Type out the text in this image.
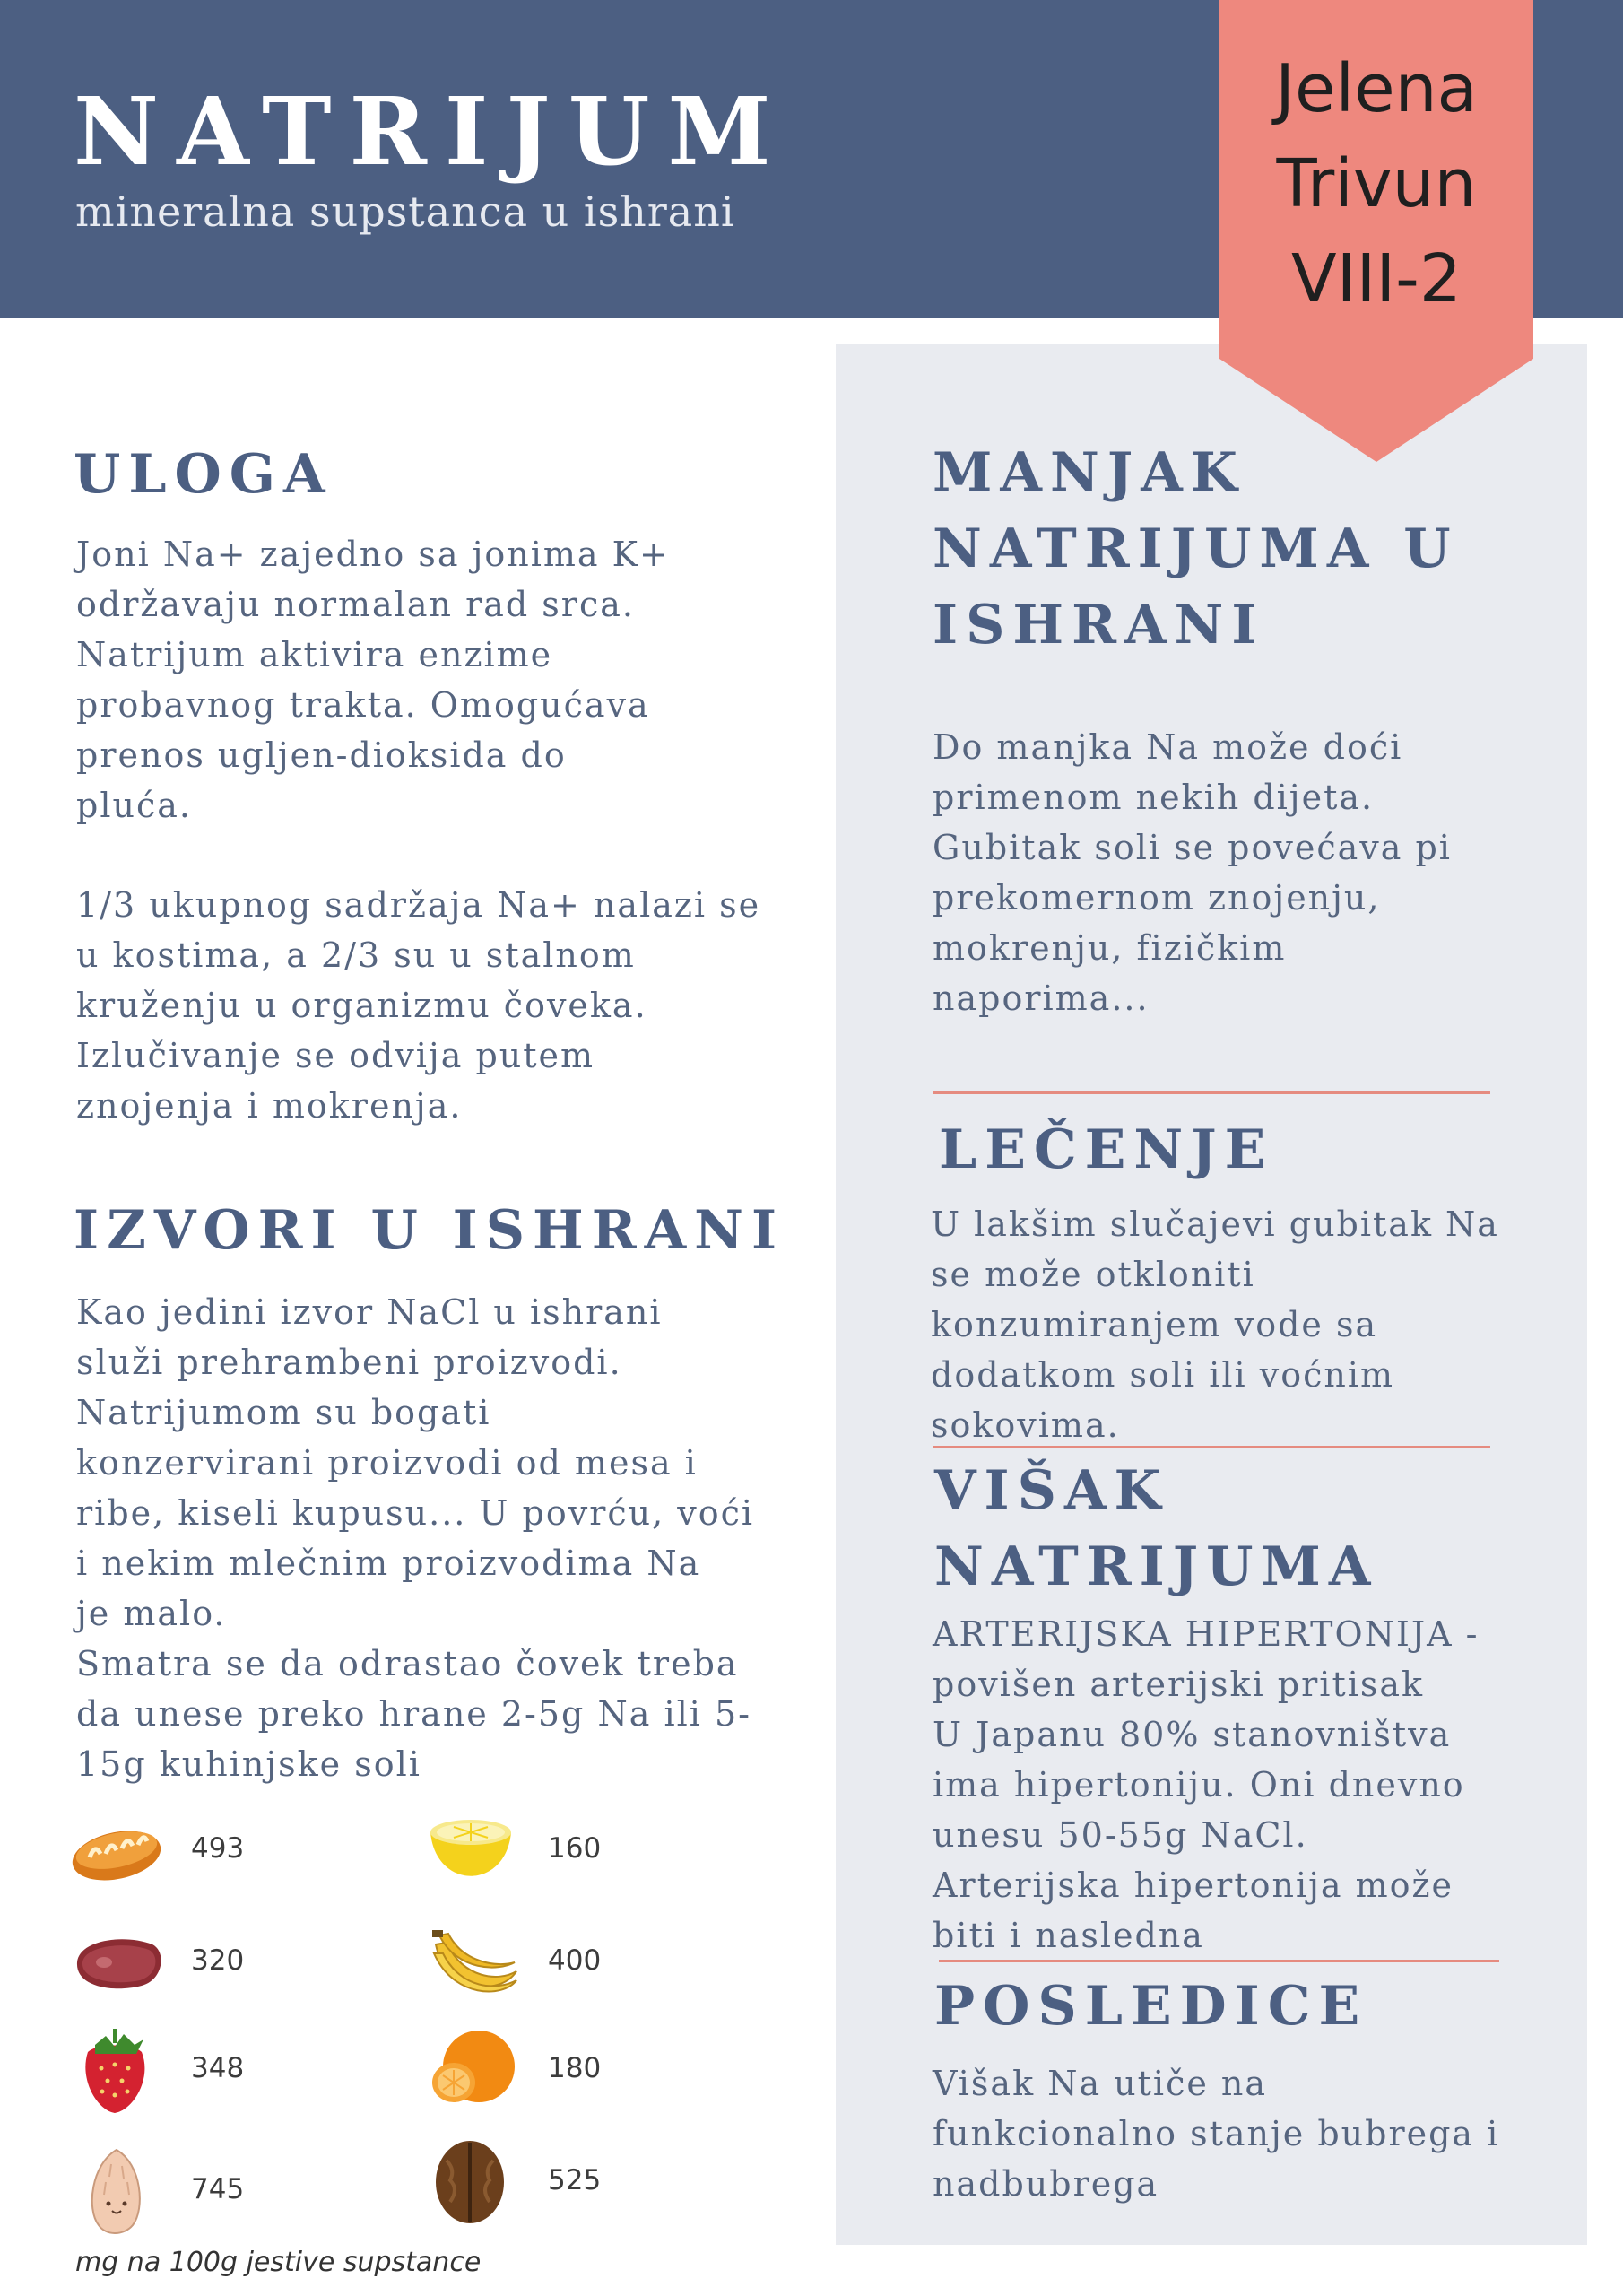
NATRIJUM
mineralna supstanca u ishrani
Jelena
Trivun
VIII-2
ULOGA

Joni Na+ zajedno sa jonima K+
održavaju normalan rad srca.
Natrijum aktivira enzime
probavnog trakta. Omogućava
prenos ugljen-dioksida do
pluća.

1/3 ukupnog sadržaja Na+ nalazi se
u kostima, a 2/3 su u stalnom
kruženju u organizmu čoveka.
Izlučivanje se odvija putem
znojenja i mokrenja.

IZVORI U ISHRANI

Kao jedini izvor NaCl u ishrani
služi prehrambeni proizvodi.
Natrijumom su bogati
konzervirani proizvodi od mesa i
ribe, kiseli kupusu... U povrću, voći
i nekim mlečnim proizvodima Na
je malo.
Smatra se da odrastao čovek treba
da unese preko hrane 2-5g Na ili 5-
15g kuhinjske soli

493
320
348
745
160
400
180
525
mg na 100g jestive supstance
MANJAK
NATRIJUMA U
ISHRANI

Do manjka Na može doći
primenom nekih dijeta.
Gubitak soli se povećava pi
prekomernom znojenju,
mokrenju, fizičkim
naporima...

LEČENJE

U lakšim slučajevi gubitak Na
se može otkloniti
konzumiranjem vode sa
dodatkom soli ili voćnim
sokovima.

VIŠAK
NATRIJUMA

ARTERIJSKA HIPERTONIJA -
povišen arterijski pritisak
U Japanu 80% stanovništva
ima hipertoniju. Oni dnevno
unesu 50-55g NaCl.
Arterijska hipertonija može
biti i nasledna

POSLEDICE

Višak Na utiče na
funkcionalno stanje bubrega i
nadbubrega
